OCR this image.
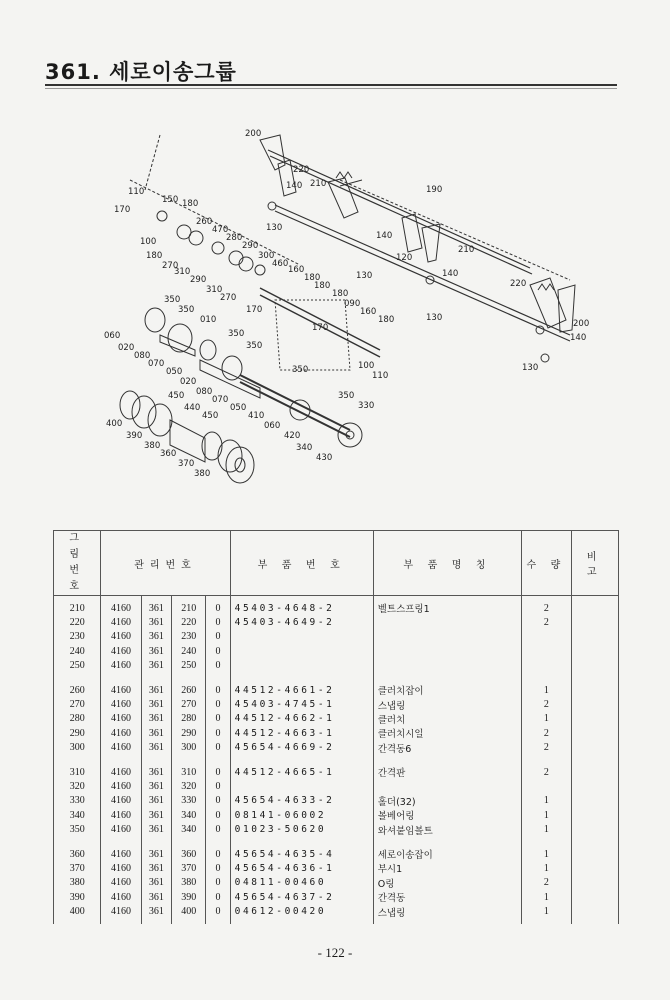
361. 세로이송그룹
200
220
140 210
190
130
140
210
120
130	140
220
200
140
130
130
110
150 180
170
260
470
280
290
300
460
160
180
180
180
090
160
180
170
170
100
110
100
180
270
310
290
310
270
350
350
010
350
350
060
020
080
070
050
020
080
070
050
410
060
420
340
430
350
330
350
450
440
450
400
390
380
360
370
380
그 림 번 호	관리번호				부 품 번 호	부 품 명 칭	수 량	비 고

210	4160	361	210	0	45403-4648-2	벨트스프링1	2	
220	4160	361	220	0	45403-4649-2		2	
230	4160	361	230	0				
240	4160	361	240	0				
250	4160	361	250	0				

260	4160	361	260	0	44512-4661-2	클러치잡이	1	
270	4160	361	270	0	45403-4745-1	스냅링	2	
280	4160	361	280	0	44512-4662-1	클러치	1	
290	4160	361	290	0	44512-4663-1	클러치시일	2	
300	4160	361	300	0	45654-4669-2	간격동6	2	

310	4160	361	310	0	44512-4665-1	간격판	2	
320	4160	361	320	0				
330	4160	361	330	0	45654-4633-2	홀더(32)	1	
340	4160	361	340	0	08141-06002	볼베어링	1	
350	4160	361	340	0	01023-50620	와셔붙임볼트	1	

360	4160	361	360	0	45654-4635-4	세로이송잡이	1	
370	4160	361	370	0	45654-4636-1	부시1	1	
380	4160	361	380	0	04811-00460	O링	2	
390	4160	361	390	0	45654-4637-2	간격동	1	
400	4160	361	400	0	04612-00420	스냅링	1	

- 122 -
